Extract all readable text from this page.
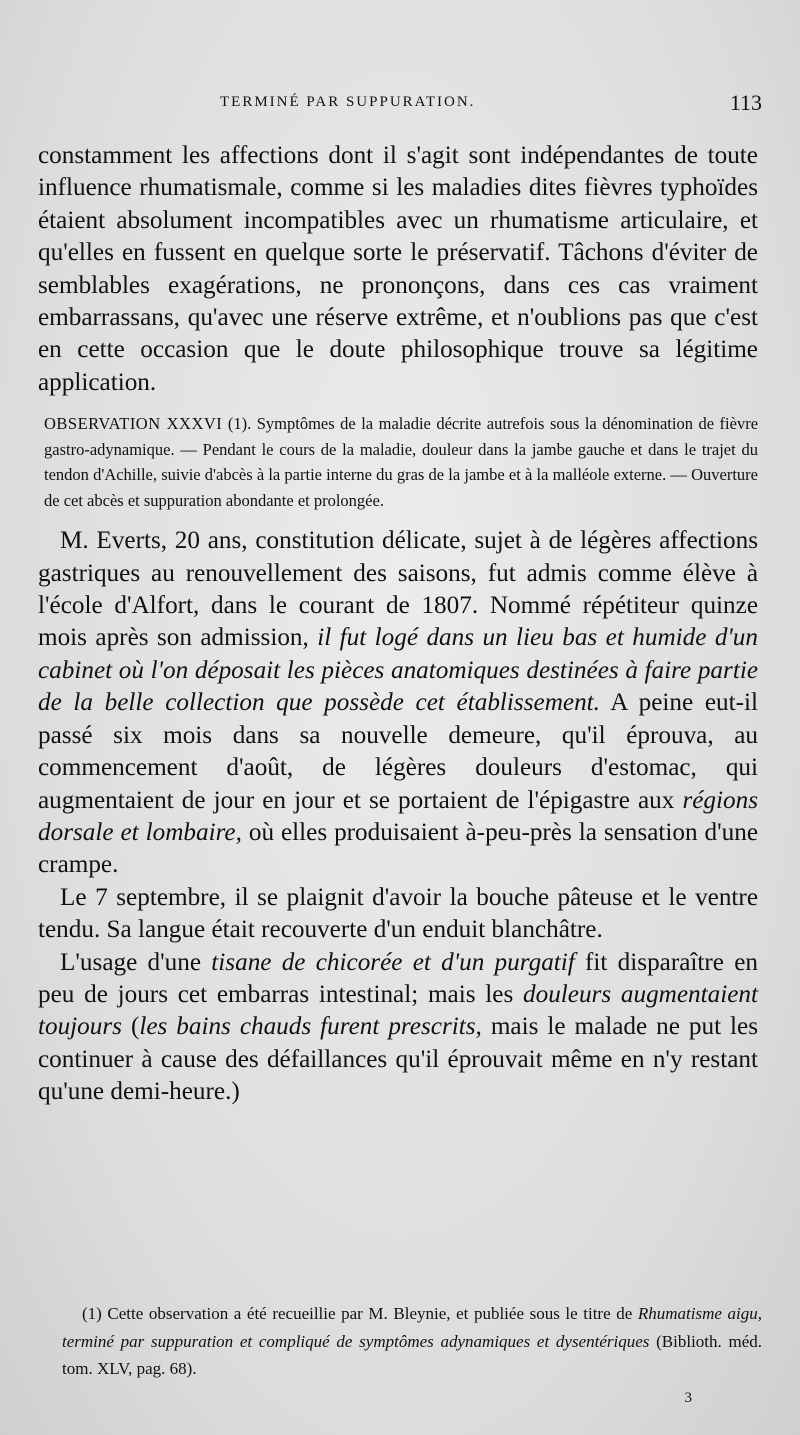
TERMINÉ PAR SUPPURATION.	113

constamment les affections dont il s'agit sont indépendantes de toute influence rhumatismale, comme si les maladies dites fièvres typhoïdes étaient absolument incompatibles avec un rhumatisme articulaire, et qu'elles en fussent en quelque sorte le préservatif. Tâchons d'éviter de semblables exagérations, ne prononçons, dans ces cas vraiment embarrassans, qu'avec une réserve extrême, et n'oublions pas que c'est en cette occasion que le doute philosophique trouve sa légitime application.

OBSERVATION XXXVI (1). Symptômes de la maladie décrite autrefois sous la dénomination de fièvre gastro-adynamique. — Pendant le cours de la maladie, douleur dans la jambe gauche et dans le trajet du tendon d'Achille, suivie d'abcès à la partie interne du gras de la jambe et à la malléole externe. — Ouverture de cet abcès et suppuration abondante et prolongée.

M. Everts, 20 ans, constitution délicate, sujet à de légères affections gastriques au renouvellement des saisons, fut admis comme élève à l'école d'Alfort, dans le courant de 1807. Nommé répétiteur quinze mois après son admission, il fut logé dans un lieu bas et humide d'un cabinet où l'on déposait les pièces anatomiques destinées à faire partie de la belle collection que possède cet établissement. A peine eut-il passé six mois dans sa nouvelle demeure, qu'il éprouva, au commencement d'août, de légères douleurs d'estomac, qui augmentaient de jour en jour et se portaient de l'épigastre aux régions dorsale et lombaire, où elles produisaient à-peu-près la sensation d'une crampe.

Le 7 septembre, il se plaignit d'avoir la bouche pâteuse et le ventre tendu. Sa langue était recouverte d'un enduit blanchâtre.

L'usage d'une tisane de chicorée et d'un purgatif fit disparaître en peu de jours cet embarras intestinal; mais les douleurs augmentaient toujours (les bains chauds furent prescrits, mais le malade ne put les continuer à cause des défaillances qu'il éprouvait même en n'y restant qu'une demi-heure.)

(1) Cette observation a été recueillie par M. Bleynie, et publiée sous le titre de Rhumatisme aigu, terminé par suppuration et compliqué de symptômes adynamiques et dysentériques (Biblioth. méd. tom. XLV, pag. 68).
3
